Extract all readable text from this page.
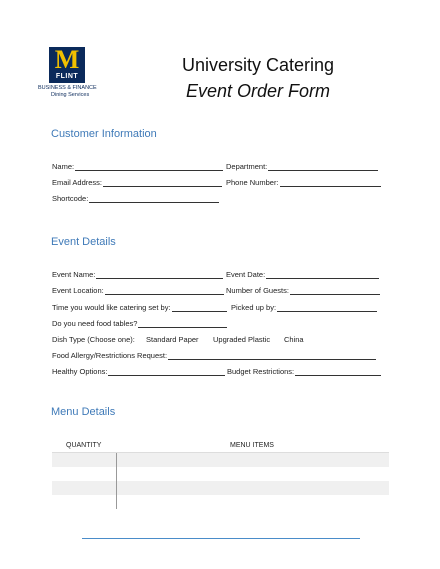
M
FLINT
BUSINESS & FINANCE
Dining Services
University Catering
Event Order Form
Customer Information
Name:	Department:
Email Address:	Phone Number:
Shortcode:
Event Details
Event Name:	Event Date:
Event Location:	Number of Guests:
Time you would like catering set by:	Picked up by:
Do you need food tables?
Dish Type (Choose one): Standard Paper Upgraded Plastic China
Food Allergy/Restrictions Request:
Healthy Options:	Budget Restrictions:
Menu Details
QUANTITY	MENU ITEMS
